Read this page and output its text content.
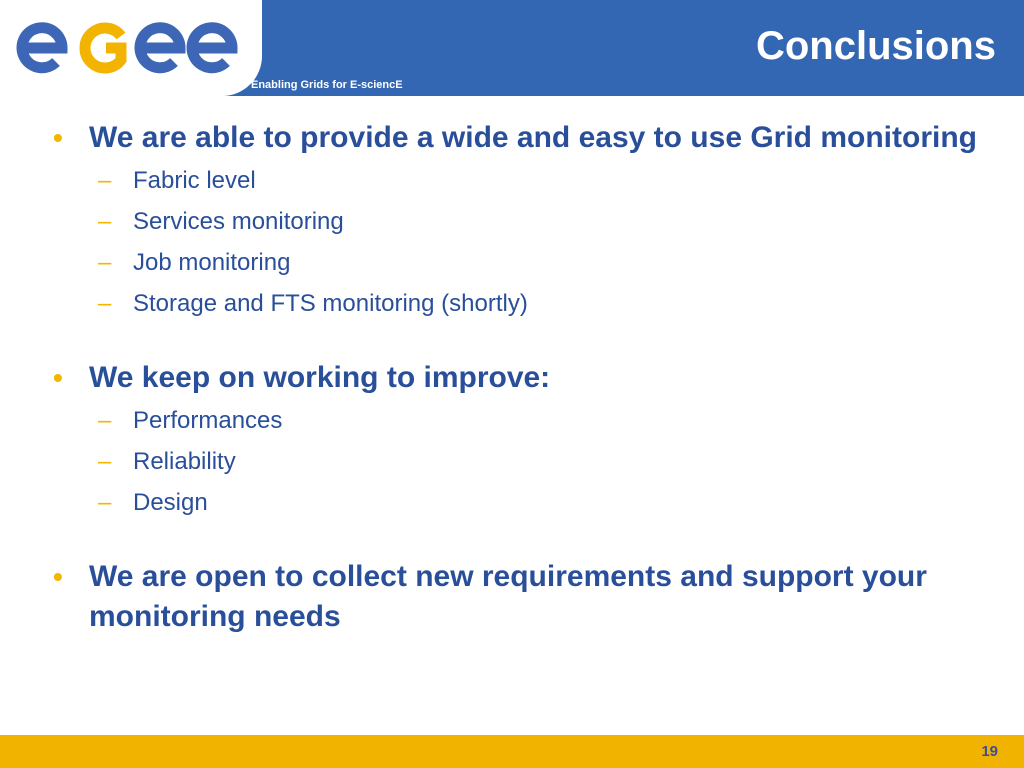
Conclusions
Enabling Grids for E-sciencE
• We are able to provide a wide and easy to use Grid monitoring
– Fabric level
– Services monitoring
– Job monitoring
– Storage and FTS monitoring (shortly)
• We keep on working to improve:
– Performances
– Reliability
– Design
• We are open to collect new requirements and support your monitoring needs
19
